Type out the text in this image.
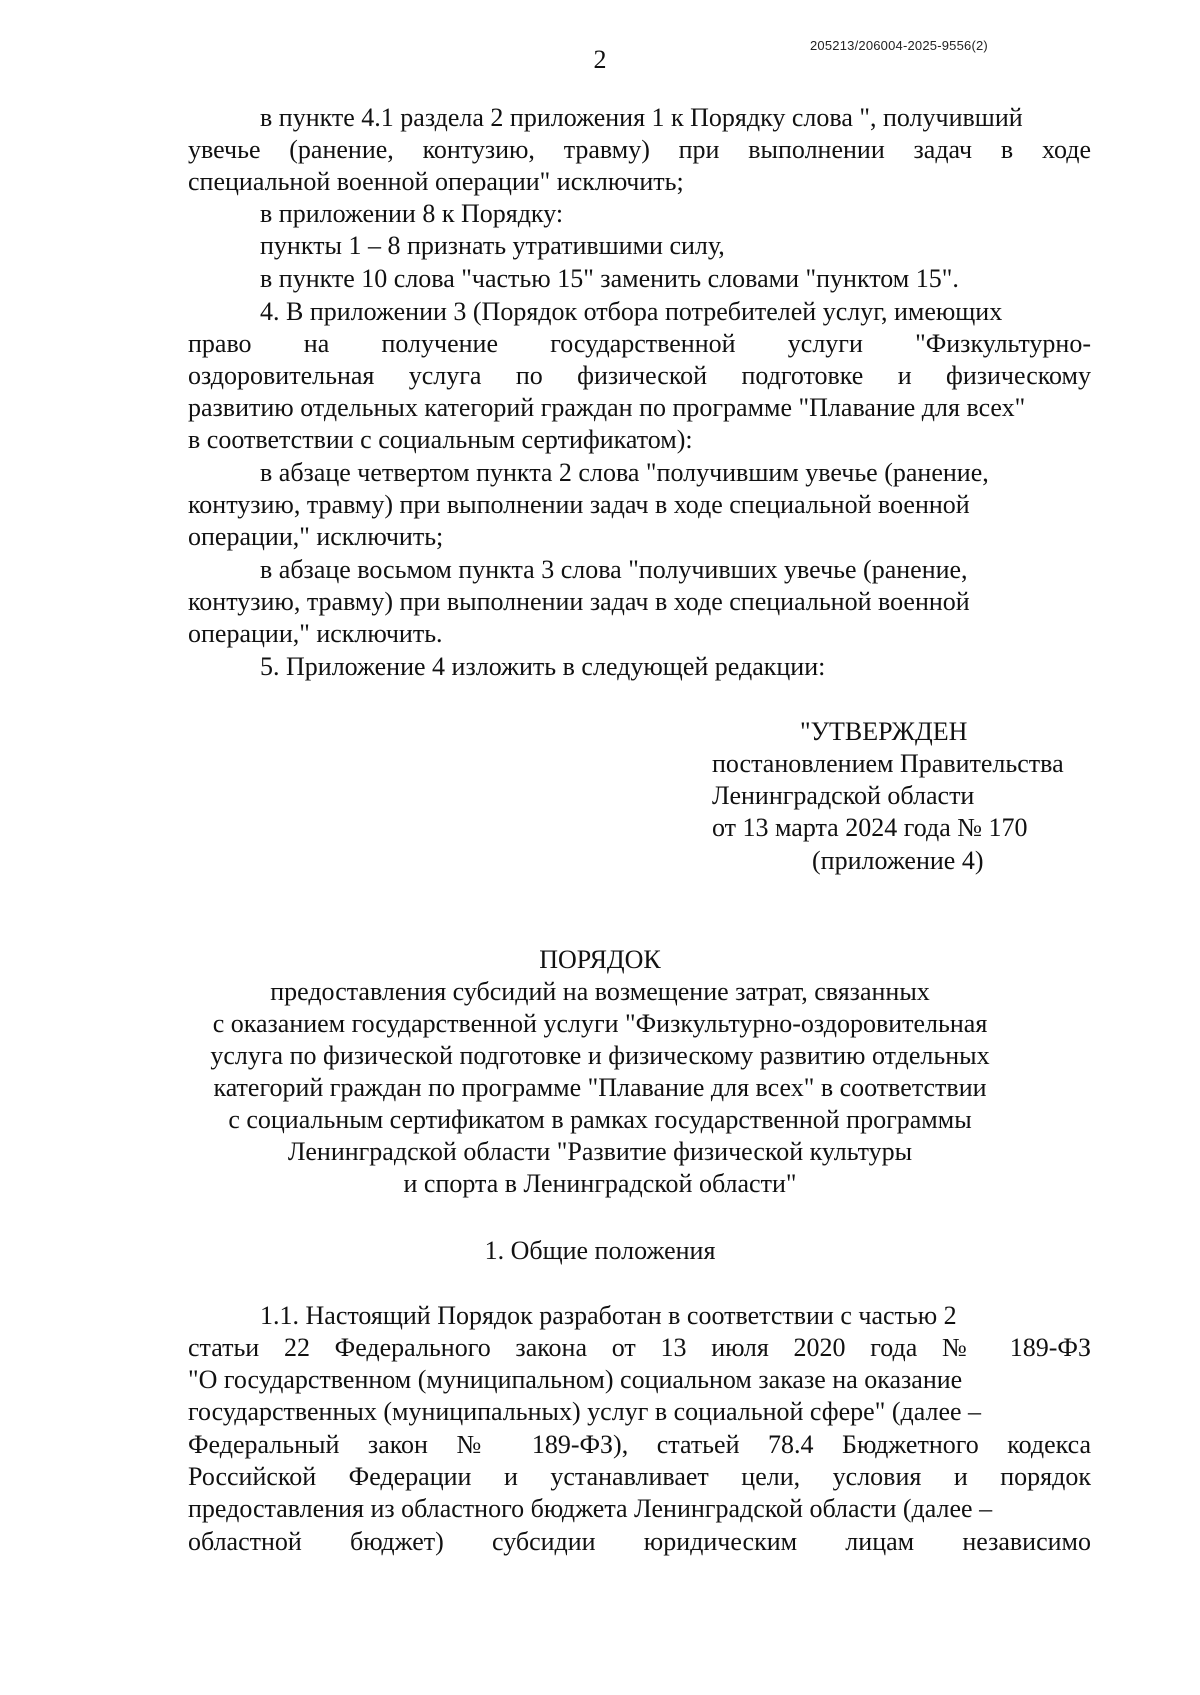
205213/206004-2025-9556(2)
2
в пункте 4.1 раздела 2 приложения 1 к Порядку слова ", получивший
увечье (ранение, контузию, травму) при выполнении задач в ходе
специальной военной операции" исключить;
в приложении 8 к Порядку:
пункты 1 – 8 признать утратившими силу,
в пункте 10 слова "частью 15" заменить словами "пунктом 15".
4. В приложении 3 (Порядок отбора потребителей услуг, имеющих
право на получение государственной услуги "Физкультурно-
оздоровительная услуга по физической подготовке и физическому
развитию отдельных категорий граждан по программе "Плавание для всех"
в соответствии с социальным сертификатом):
в абзаце четвертом пункта 2 слова "получившим увечье (ранение,
контузию, травму) при выполнении задач в ходе специальной военной
операции," исключить;
в абзаце восьмом пункта 3 слова "получивших увечье (ранение,
контузию, травму) при выполнении задач в ходе специальной военной
операции," исключить.
5. Приложение 4 изложить в следующей редакции:
"УТВЕРЖДЕН
постановлением Правительства
Ленинградской области
от 13 марта 2024 года № 170
(приложение 4)
ПОРЯДОК
предоставления субсидий на возмещение затрат, связанных
с оказанием государственной услуги "Физкультурно-оздоровительная
услуга по физической подготовке и физическому развитию отдельных
категорий граждан по программе "Плавание для всех" в соответствии
с социальным сертификатом в рамках государственной программы
Ленинградской области "Развитие физической культуры
и спорта в Ленинградской области"
1. Общие положения
1.1. Настоящий Порядок разработан в соответствии с частью 2
статьи 22 Федерального закона от 13 июля 2020 года № 189-ФЗ
"О государственном (муниципальном) социальном заказе на оказание
государственных (муниципальных) услуг в социальной сфере" (далее –
Федеральный закон № 189-ФЗ), статьей 78.4 Бюджетного кодекса
Российской Федерации и устанавливает цели, условия и порядок
предоставления из областного бюджета Ленинградской области (далее –
областной бюджет) субсидии юридическим лицам независимо
